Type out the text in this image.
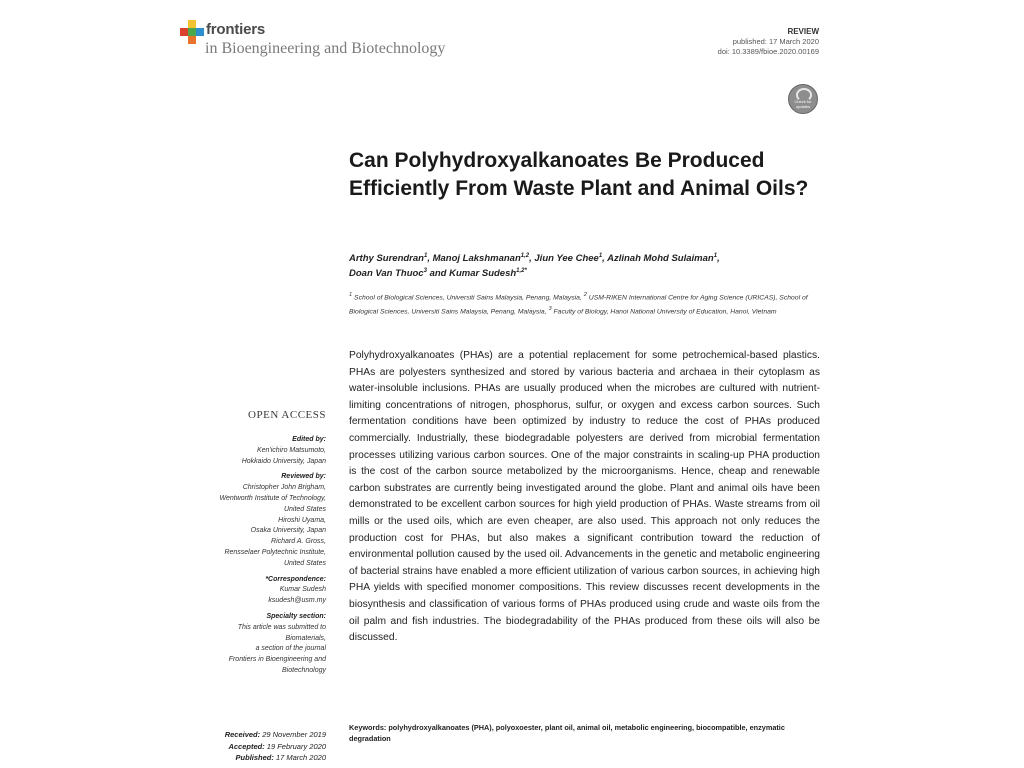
frontiers
in Bioengineering and Biotechnology
REVIEW
published: 17 March 2020
doi: 10.3389/fbioe.2020.00169
Check for updates
Can Polyhydroxyalkanoates Be Produced Efficiently From Waste Plant and Animal Oils?
Arthy Surendran$^1$, Manoj Lakshmanan$^{1,2}$, Jiun Yee Chee$^1$, Azlinah Mohd Sulaiman$^1$,
Doan Van Thuoc$^3$ and Kumar Sudesh$^{1,2*}$
$^1$ School of Biological Sciences, Universiti Sains Malaysia, Penang, Malaysia, $^2$ USM-RIKEN International Centre for Aging Science (URICAS), School of Biological Sciences, Universiti Sains Malaysia, Penang, Malaysia, $^3$ Faculty of Biology, Hanoi National University of Education, Hanoi, Vietnam
Polyhydroxyalkanoates (PHAs) are a potential replacement for some petrochemical-based plastics. PHAs are polyesters synthesized and stored by various bacteria and archaea in their cytoplasm as water-insoluble inclusions. PHAs are usually produced when the microbes are cultured with nutrient-limiting concentrations of nitrogen, phosphorus, sulfur, or oxygen and excess carbon sources. Such fermentation conditions have been optimized by industry to reduce the cost of PHAs produced commercially. Industrially, these biodegradable polyesters are derived from microbial fermentation processes utilizing various carbon sources. One of the major constraints in scaling-up PHA production is the cost of the carbon source metabolized by the microorganisms. Hence, cheap and renewable carbon substrates are currently being investigated around the globe. Plant and animal oils have been demonstrated to be excellent carbon sources for high yield production of PHAs. Waste streams from oil mills or the used oils, which are even cheaper, are also used. This approach not only reduces the production cost for PHAs, but also makes a significant contribution toward the reduction of environmental pollution caused by the used oil. Advancements in the genetic and metabolic engineering of bacterial strains have enabled a more efficient utilization of various carbon sources, in achieving high PHA yields with specified monomer compositions. This review discusses recent developments in the biosynthesis and classification of various forms of PHAs produced using crude and waste oils from the oil palm and fish industries. The biodegradability of the PHAs produced from these oils will also be discussed.
Keywords: polyhydroxyalkanoates (PHA), polyoxoester, plant oil, animal oil, metabolic engineering, biocompatible, enzymatic degradation
OPEN ACCESS
Edited by:
Ken'ichiro Matsumoto,
Hokkaido University, Japan
Reviewed by:
Christopher John Brigham,
Wentworth Institute of Technology,
United States
Hiroshi Uyama,
Osaka University, Japan
Richard A. Gross,
Rensselaer Polytechnic Institute,
United States
*Correspondence:
Kumar Sudesh
ksudesh@usm.my
Specialty section:
This article was submitted to
Biomaterials,
a section of the journal
Frontiers in Bioengineering and
Biotechnology
Received: 29 November 2019
Accepted: 19 February 2020
Published: 17 March 2020
